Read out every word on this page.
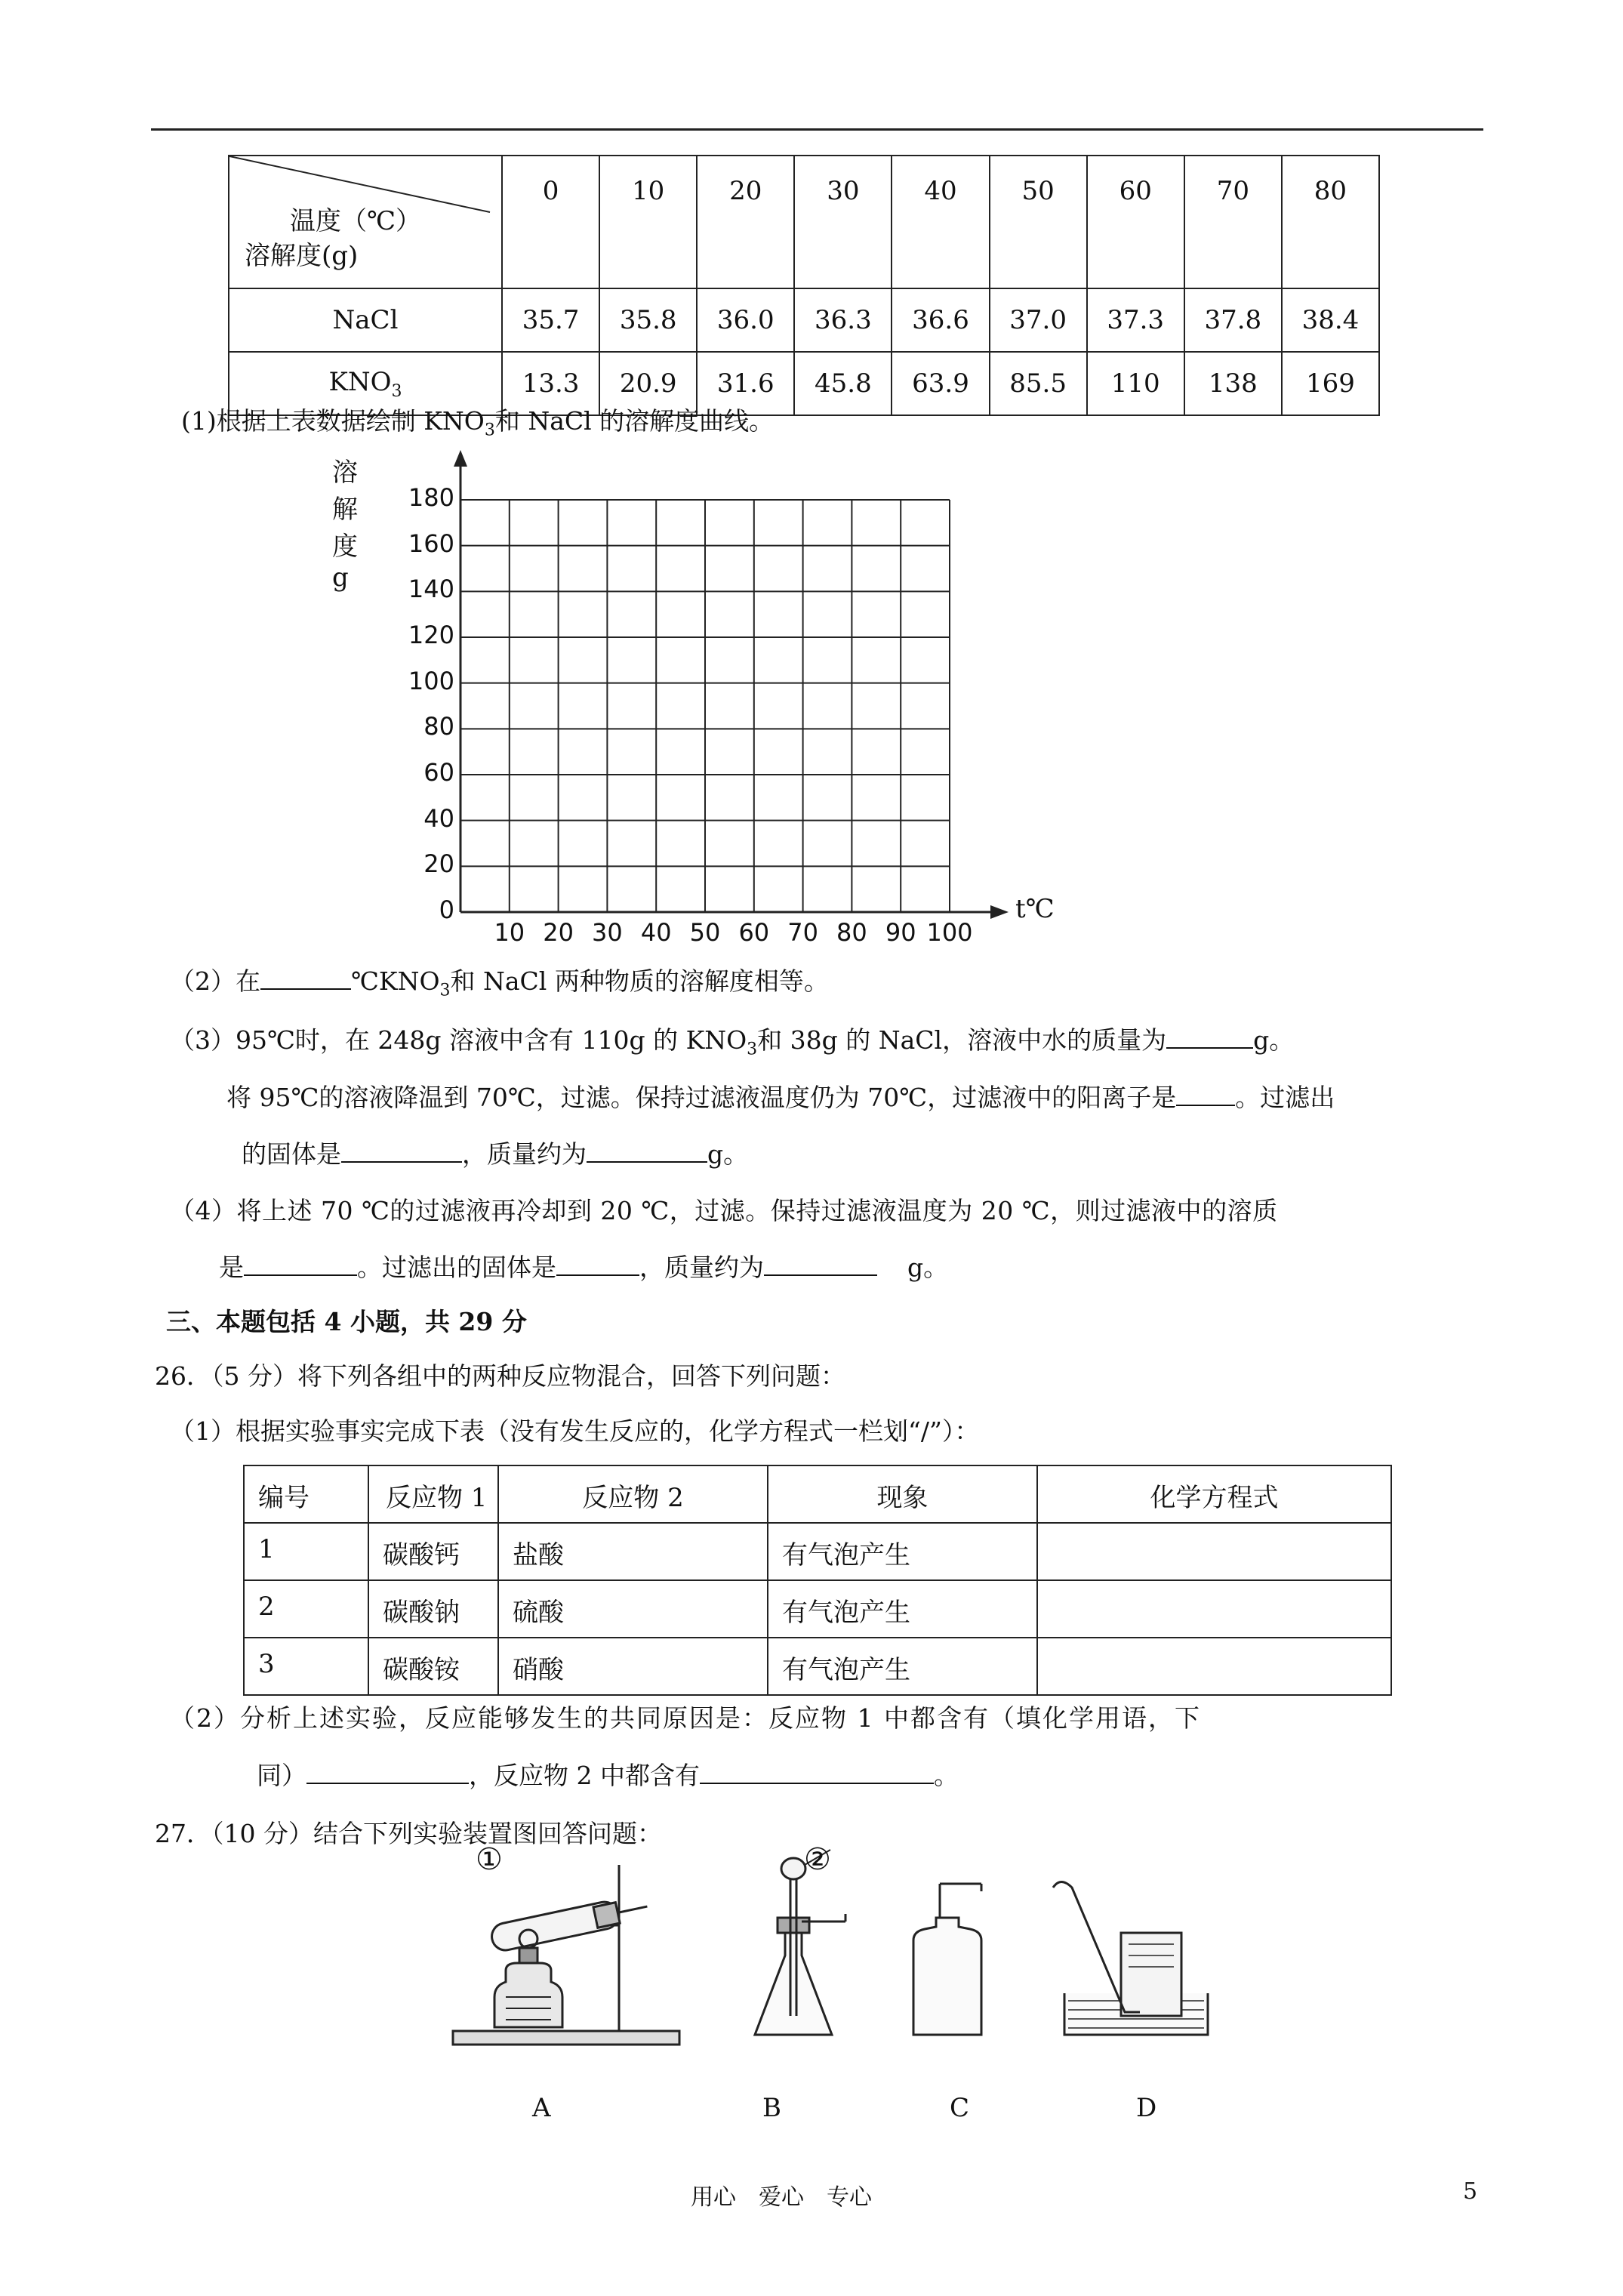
温度（℃）
溶解度(g)	0	10	20	30	40	50	60	70	80
NaCl	35.7	35.8	36.0	36.3	36.6	37.0	37.3	37.8	38.4
$KNO_3$	13.3	20.9	31.6	45.8	63.9	85.5	110	138	169
(1)根据上表数据绘制 $KNO_3$和 NaCl 的溶解度曲线。
溶解度 g
t℃
180
160
140
120
100
80
60
40
20
0
10 20 30 40 50 60 70 80 90 100
（2）在	$℃KNO_3$和 NaCl 两种物质的溶解度相等。
（3）95℃时，在 248g 溶液中含有 110g 的 $KNO_3$和 38g 的 NaCl，溶液中水的质量为	g。
将 95℃的溶液降温到 70℃，过滤。保持过滤液温度仍为 70℃，过滤液中的阳离子是 。过滤出
的固体是	，质量约为	g。
（4）将上述 70 ℃的过滤液再冷却到 20 ℃，过滤。保持过滤液温度为 20 ℃，则过滤液中的溶质
是	。过滤出的固体是	，质量约为	g。
三、本题包括 4 小题，共 29 分
26．（5 分）将下列各组中的两种反应物混合，回答下列问题：
（1）根据实验事实完成下表（没有发生反应的，化学方程式一栏划“/”）：
编号	反应物 1	反应物 2	现象	化学方程式
1	碳酸钙	盐酸	有气泡产生	
2	碳酸钠	硫酸	有气泡产生	
3	碳酸铵	硝酸	有气泡产生	
（2）分析上述实验，反应能够发生的共同原因是：反应物 1 中都含有（填化学用语，下
同）	，反应物 2 中都含有	。
27．（10 分）结合下列实验装置图回答问题：
A	B	C	D
①	②
用心　爱心　专心	5
